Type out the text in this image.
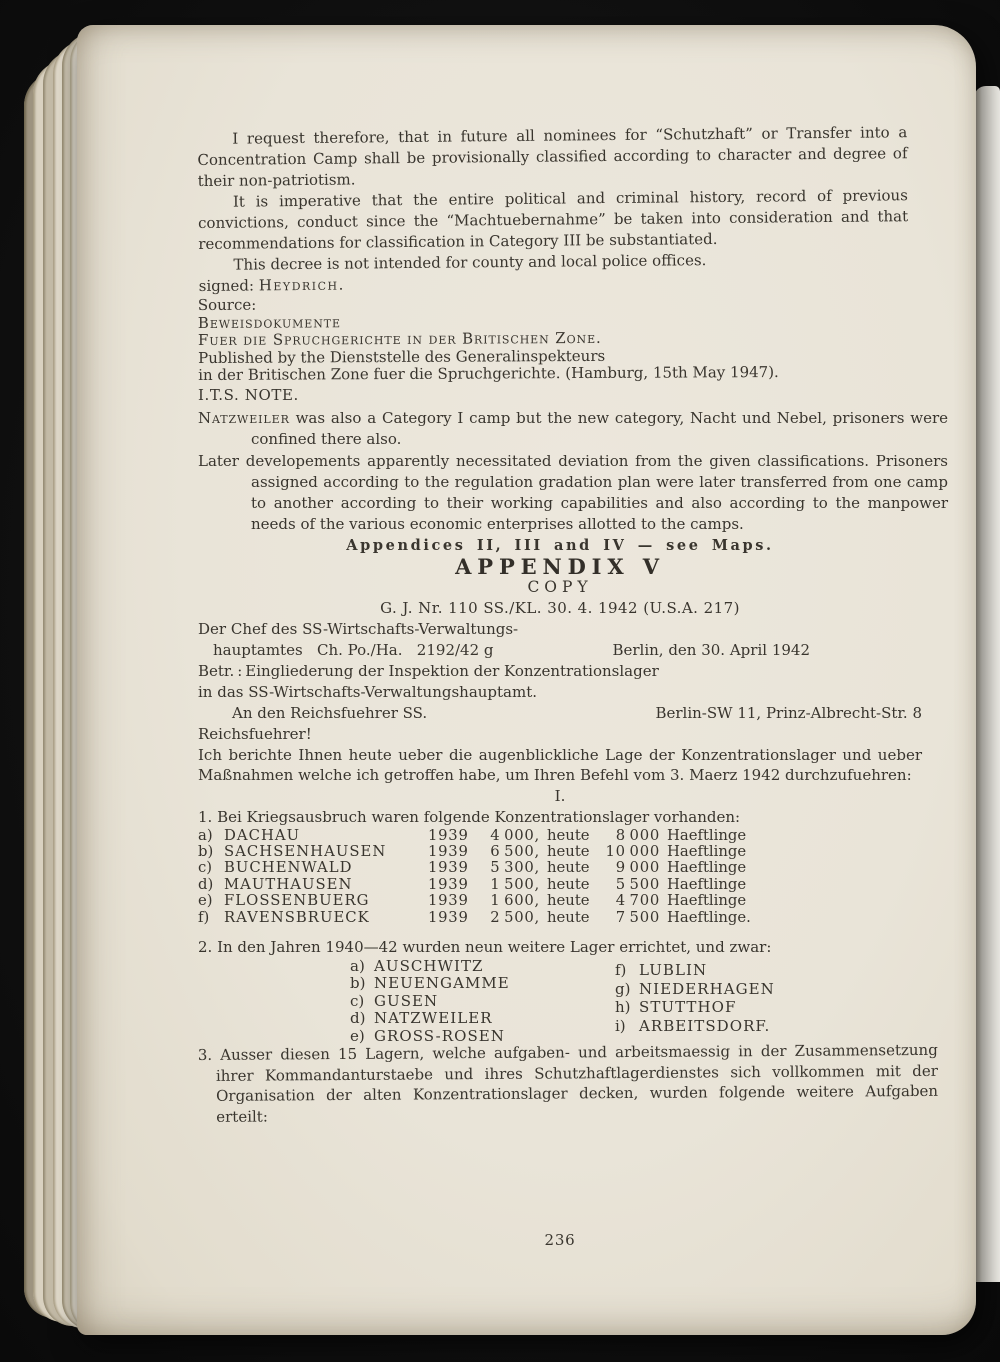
I request therefore, that in future all nominees for “Schutzhaft” or Transfer into a Concentration Camp shall be provisionally classified according to character and degree of their non-patriotism.

It is imperative that the entire political and criminal history, record of previous convictions, conduct since the “Machtuebernahme” be taken into consideration and that recommendations for classification in Category III be substantiated.

This decree is not intended for county and local police offices.

signed: Heydrich.

Source:
Beweisdokumente
Fuer die Spruchgerichte in der Britischen Zone.
Published by the Dienststelle des Generalinspekteurs
in der Britischen Zone fuer die Spruchgerichte. (Hamburg, 15th May 1947).
I.T.S. NOTE.

Natzweiler was also a Category I camp but the new category, Nacht und Nebel, prisoners were confined there also.

Later developements apparently necessitated deviation from the given classifications. Prisoners assigned according to the regulation gradation plan were later transferred from one camp to another according to their working capabilities and also according to the manpower needs of the various economic enterprises allotted to the camps.

Appendices II, III and IV — see Maps.
APPENDIX V
COPY
G. J. Nr. 110 SS./KL. 30. 4. 1942 (U.S.A. 217)
Der Chef des SS-Wirtschafts-Verwaltungs-
hauptamtes   Ch. Po./Ha.   2192/42 g	Berlin, den 30. April 1942
Betr. : Eingliederung der Inspektion der Konzentrationslager
in das SS-Wirtschafts-Verwaltungshauptamt.
An den Reichsfuehrer SS.	Berlin-SW 11, Prinz-Albrecht-Str. 8
Reichsfuehrer!

Ich berichte Ihnen heute ueber die augenblickliche Lage der Konzentrationslager und ueber Maßnahmen welche ich getroffen habe, um Ihren Befehl vom 3. Maerz 1942 durchzufuehren:

I.
1. Bei Kriegsausbruch waren folgende Konzentrationslager vorhanden:
a) DACHAU	1939	4 000, heute	8 000 Haeftlinge
b) SACHSENHAUSEN	1939	6 500, heute	10 000 Haeftlinge
c) BUCHENWALD	1939	5 300, heute	9 000 Haeftlinge
d) MAUTHAUSEN	1939	1 500, heute	5 500 Haeftlinge
e) FLOSSENBUERG	1939	1 600, heute	4 700 Haeftlinge
f) RAVENSBRUECK	1939	2 500, heute	7 500 Haeftlinge.
2. In den Jahren 1940—42 wurden neun weitere Lager errichtet, und zwar:
a) AUSCHWITZ
b) NEUENGAMME
c) GUSEN
d) NATZWEILER
e) GROSS-ROSEN
f) LUBLIN
g) NIEDERHAGEN
h) STUTTHOF
i) ARBEITSDORF.

3. Ausser diesen 15 Lagern, welche aufgaben- und arbeitsmaessig in der Zusammensetzung ihrer Kommandanturstaebe und ihres Schutzhaftlagerdienstes sich vollkommen mit der Organisation der alten Konzentrationslager decken, wurden folgende weitere Aufgaben erteilt:

236
